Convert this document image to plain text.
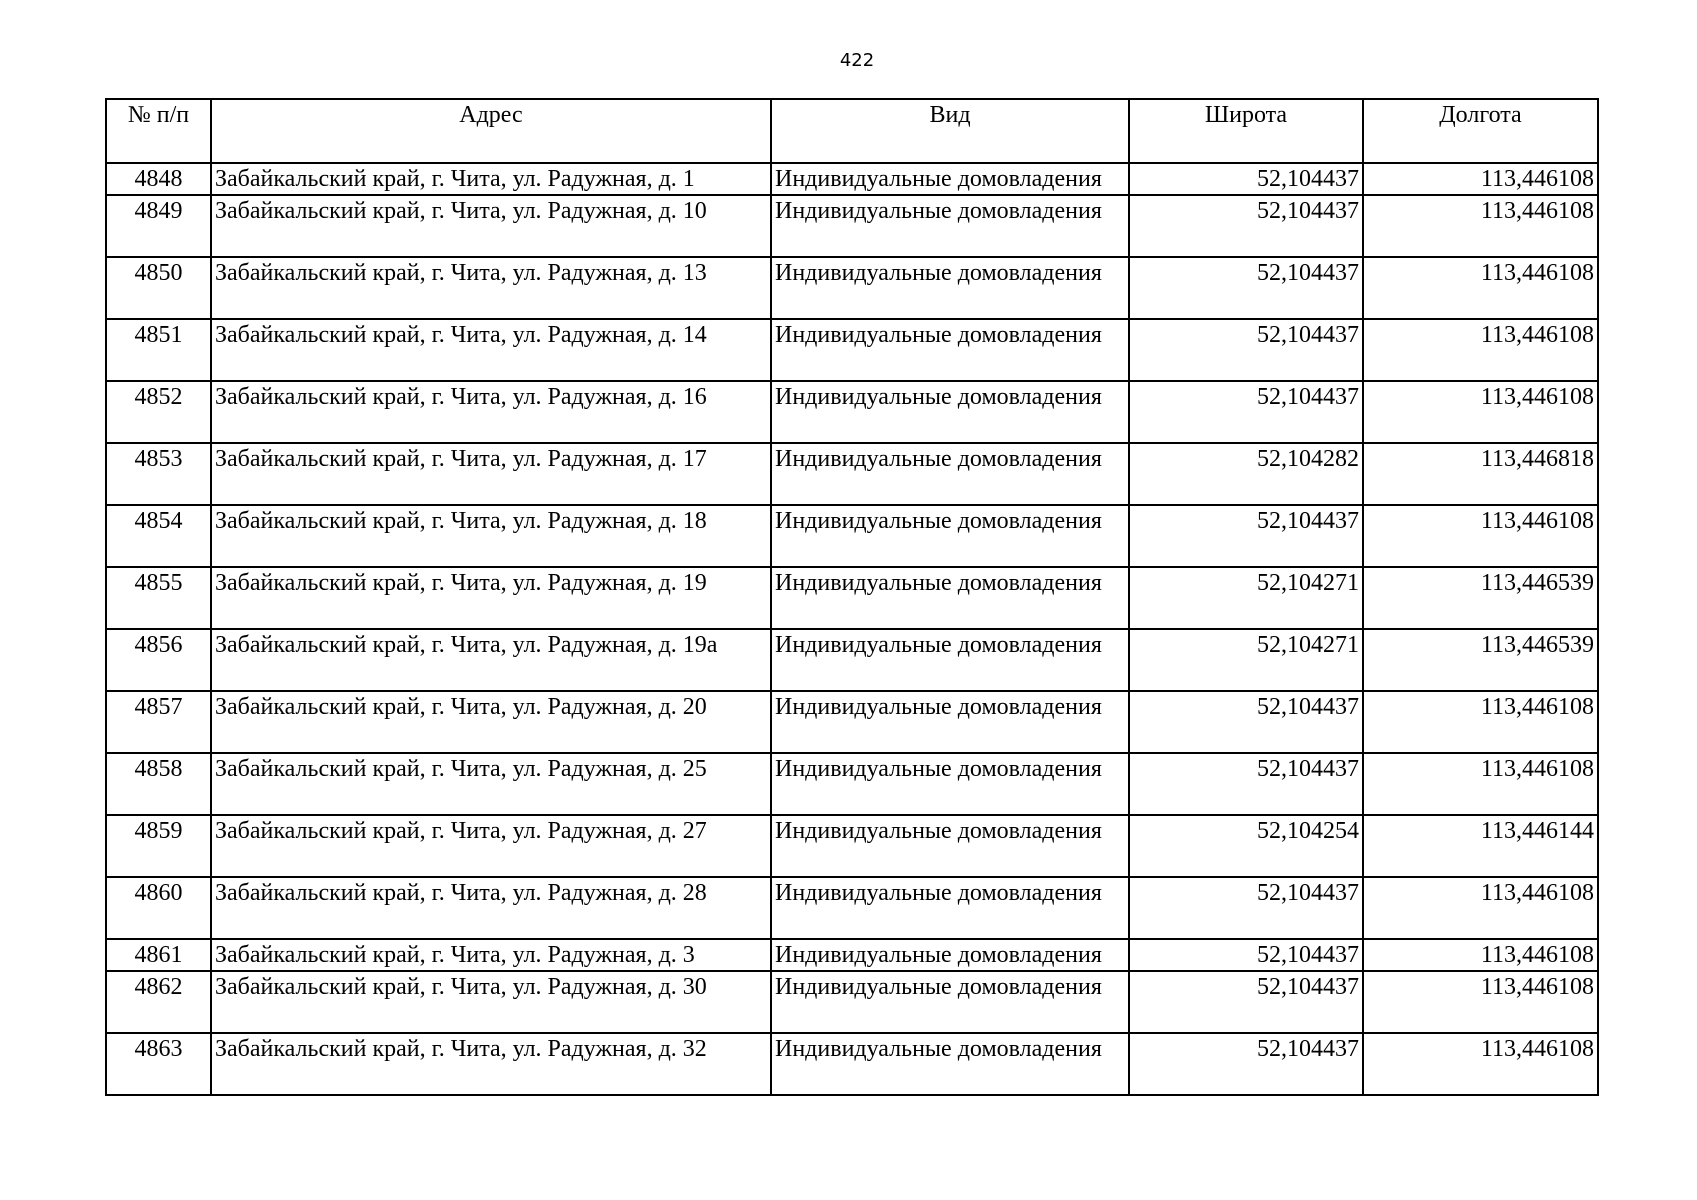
422
№ п/п	Адрес	Вид	Широта	Долгота
4848	Забайкальский край, г. Чита, ул. Радужная, д. 1	Индивидуальные домовладения	52,104437	113,446108
4849	Забайкальский край, г. Чита, ул. Радужная, д. 10	Индивидуальные домовладения	52,104437	113,446108
4850	Забайкальский край, г. Чита, ул. Радужная, д. 13	Индивидуальные домовладения	52,104437	113,446108
4851	Забайкальский край, г. Чита, ул. Радужная, д. 14	Индивидуальные домовладения	52,104437	113,446108
4852	Забайкальский край, г. Чита, ул. Радужная, д. 16	Индивидуальные домовладения	52,104437	113,446108
4853	Забайкальский край, г. Чита, ул. Радужная, д. 17	Индивидуальные домовладения	52,104282	113,446818
4854	Забайкальский край, г. Чита, ул. Радужная, д. 18	Индивидуальные домовладения	52,104437	113,446108
4855	Забайкальский край, г. Чита, ул. Радужная, д. 19	Индивидуальные домовладения	52,104271	113,446539
4856	Забайкальский край, г. Чита, ул. Радужная, д. 19а	Индивидуальные домовладения	52,104271	113,446539
4857	Забайкальский край, г. Чита, ул. Радужная, д. 20	Индивидуальные домовладения	52,104437	113,446108
4858	Забайкальский край, г. Чита, ул. Радужная, д. 25	Индивидуальные домовладения	52,104437	113,446108
4859	Забайкальский край, г. Чита, ул. Радужная, д. 27	Индивидуальные домовладения	52,104254	113,446144
4860	Забайкальский край, г. Чита, ул. Радужная, д. 28	Индивидуальные домовладения	52,104437	113,446108
4861	Забайкальский край, г. Чита, ул. Радужная, д. 3	Индивидуальные домовладения	52,104437	113,446108
4862	Забайкальский край, г. Чита, ул. Радужная, д. 30	Индивидуальные домовладения	52,104437	113,446108
4863	Забайкальский край, г. Чита, ул. Радужная, д. 32	Индивидуальные домовладения	52,104437	113,446108
